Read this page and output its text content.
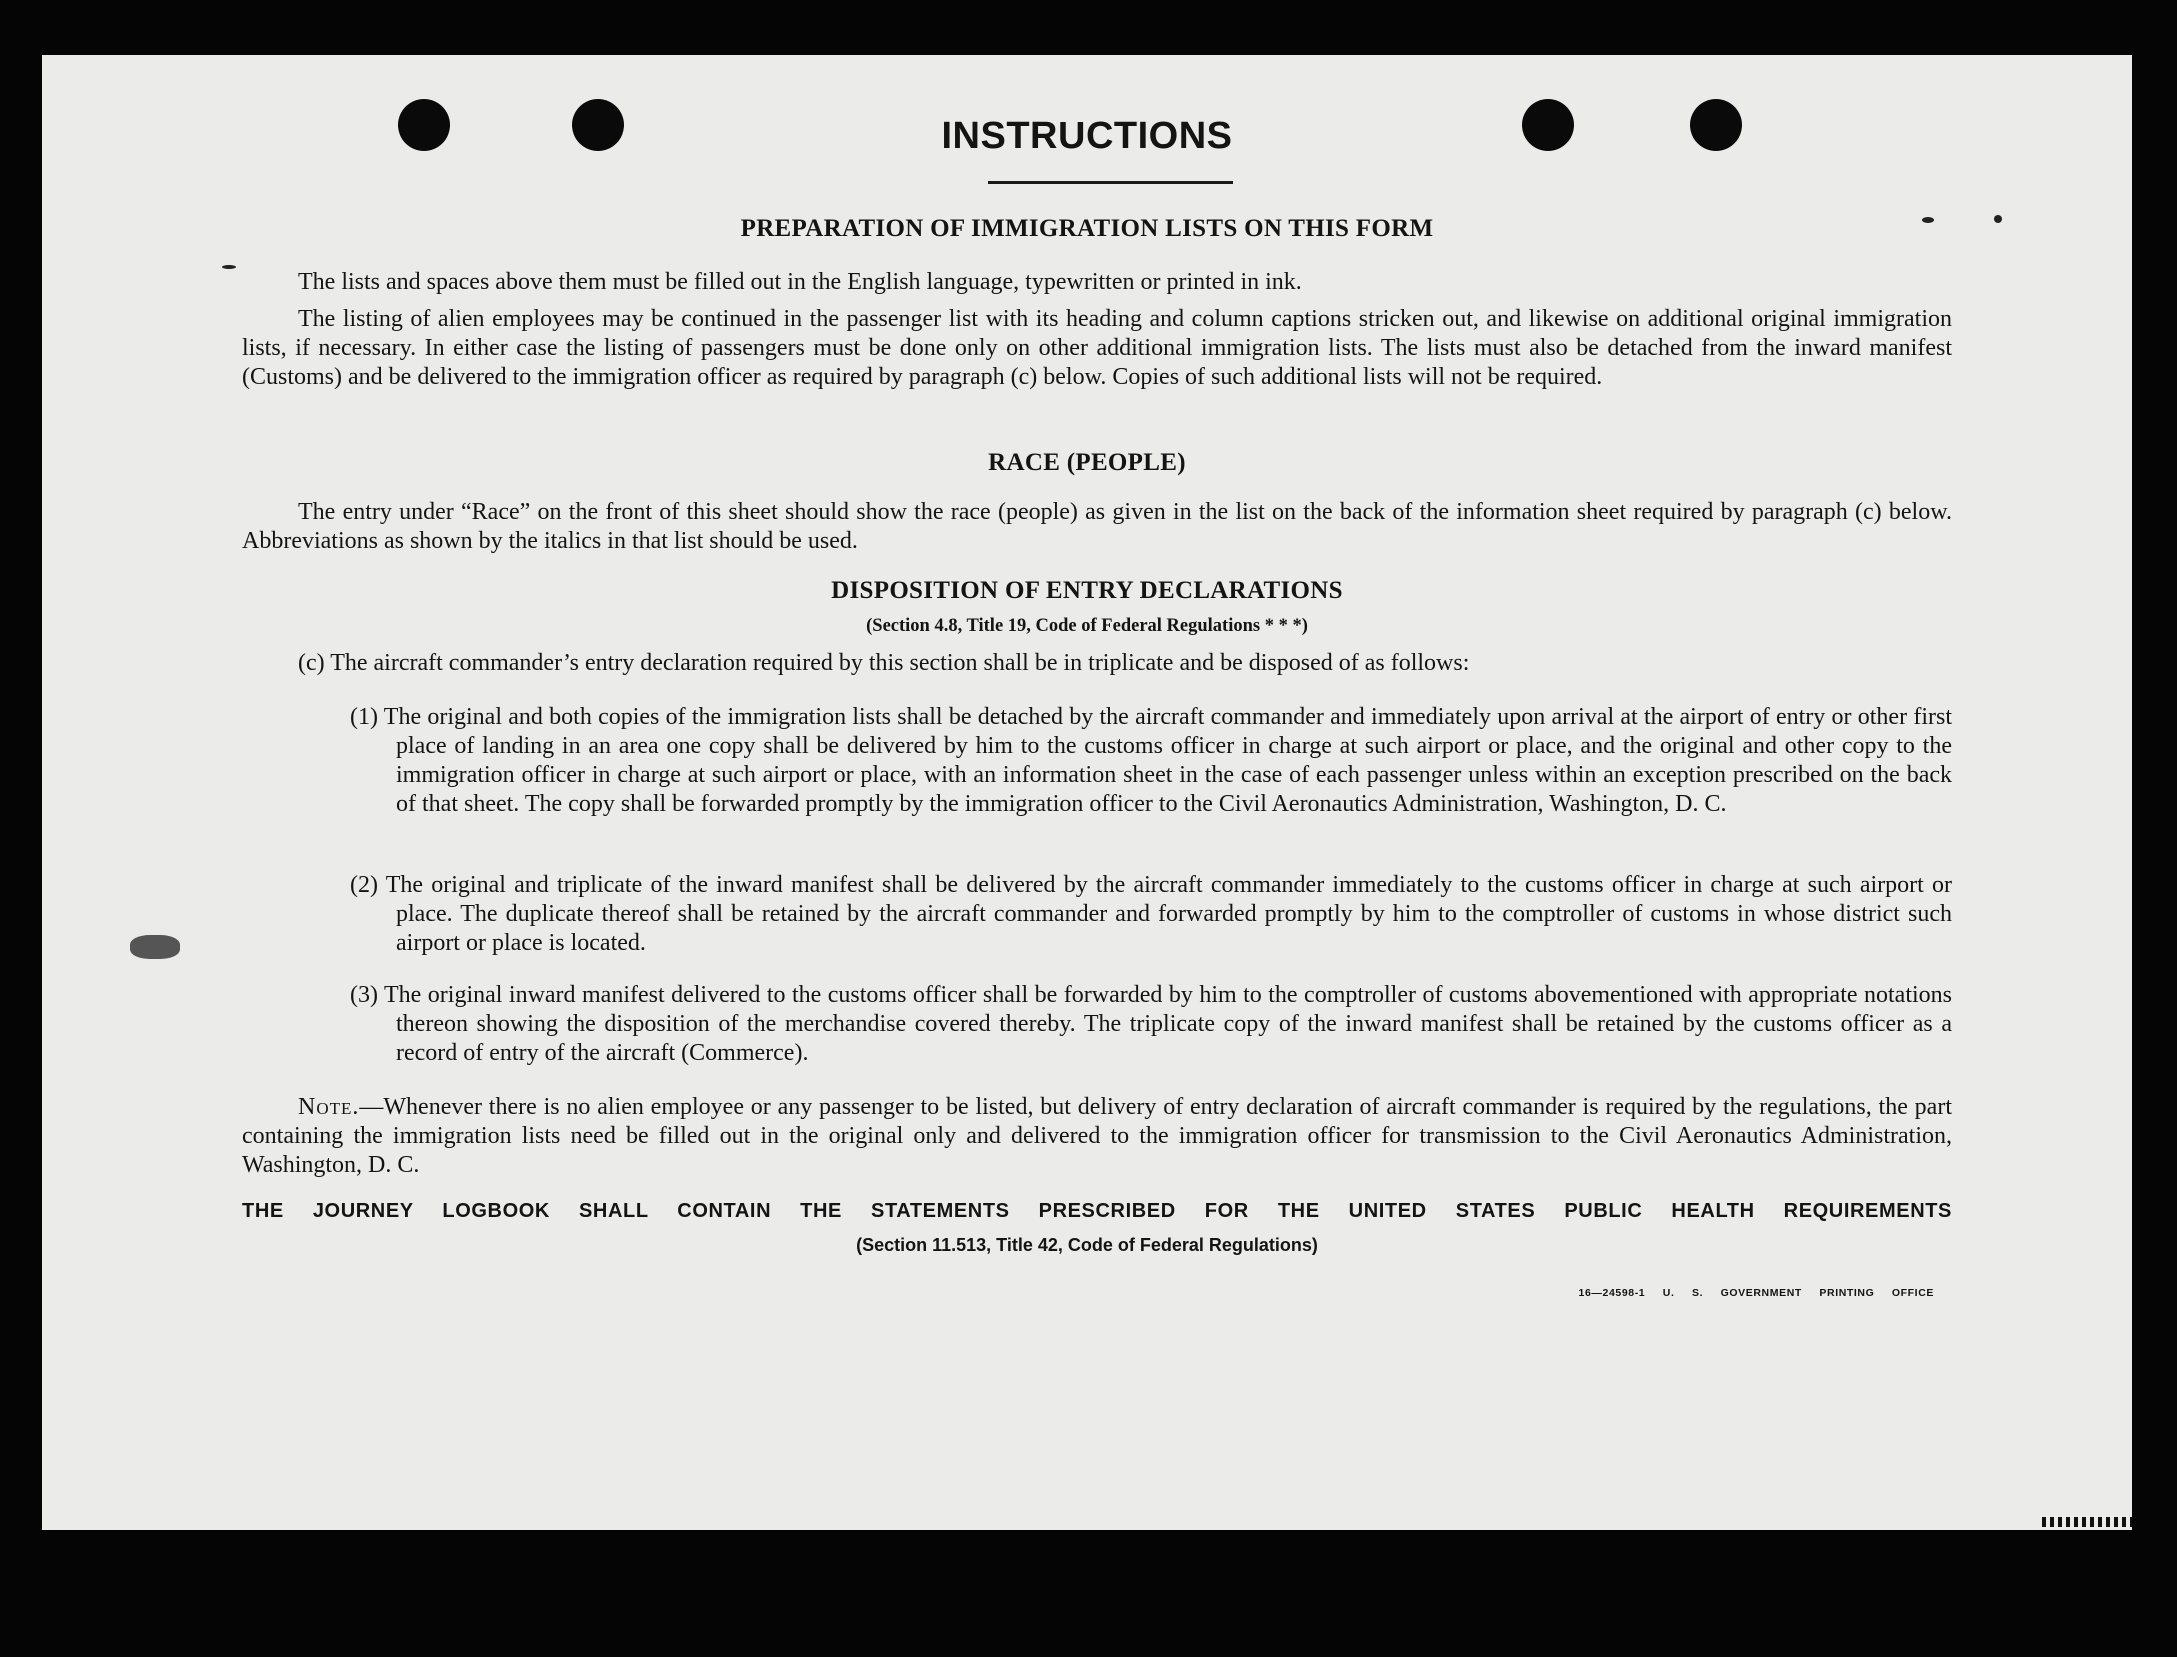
INSTRUCTIONS
PREPARATION OF IMMIGRATION LISTS ON THIS FORM
The lists and spaces above them must be filled out in the English language, typewritten or printed in ink.
The listing of alien employees may be continued in the passenger list with its heading and column captions stricken out, and likewise on additional original immigration lists, if necessary. In either case the listing of passengers must be done only on other additional immigration lists. The lists must also be detached from the inward manifest (Customs) and be delivered to the immigration officer as required by paragraph (c) below. Copies of such additional lists will not be required.
RACE (PEOPLE)
The entry under “Race” on the front of this sheet should show the race (people) as given in the list on the back of the information sheet required by paragraph (c) below. Abbreviations as shown by the italics in that list should be used.
DISPOSITION OF ENTRY DECLARATIONS
(Section 4.8, Title 19, Code of Federal Regulations * * *)
(c) The aircraft commander’s entry declaration required by this section shall be in triplicate and be disposed of as follows:
(1) The original and both copies of the immigration lists shall be detached by the aircraft commander and immediately upon arrival at the airport of entry or other first place of landing in an area one copy shall be delivered by him to the customs officer in charge at such airport or place, and the original and other copy to the immigration officer in charge at such airport or place, with an information sheet in the case of each passenger unless within an exception prescribed on the back of that sheet. The copy shall be forwarded promptly by the immigration officer to the Civil Aeronautics Administration, Washington, D. C.
(2) The original and triplicate of the inward manifest shall be delivered by the aircraft commander immediately to the customs officer in charge at such airport or place. The duplicate thereof shall be retained by the aircraft commander and forwarded promptly by him to the comptroller of customs in whose district such airport or place is located.
(3) The original inward manifest delivered to the customs officer shall be forwarded by him to the comptroller of customs abovementioned with appropriate notations thereon showing the disposition of the merchandise covered thereby. The triplicate copy of the inward manifest shall be retained by the customs officer as a record of entry of the aircraft (Commerce).
Note.—Whenever there is no alien employee or any passenger to be listed, but delivery of entry declaration of aircraft commander is required by the regulations, the part containing the immigration lists need be filled out in the original only and delivered to the immigration officer for transmission to the Civil Aeronautics Administration, Washington, D. C.
THE JOURNEY LOGBOOK SHALL CONTAIN THE STATEMENTS PRESCRIBED FOR THE UNITED STATES PUBLIC HEALTH REQUIREMENTS
(Section 11.513, Title 42, Code of Federal Regulations)
16—24598-1 U. S. GOVERNMENT PRINTING OFFICE
